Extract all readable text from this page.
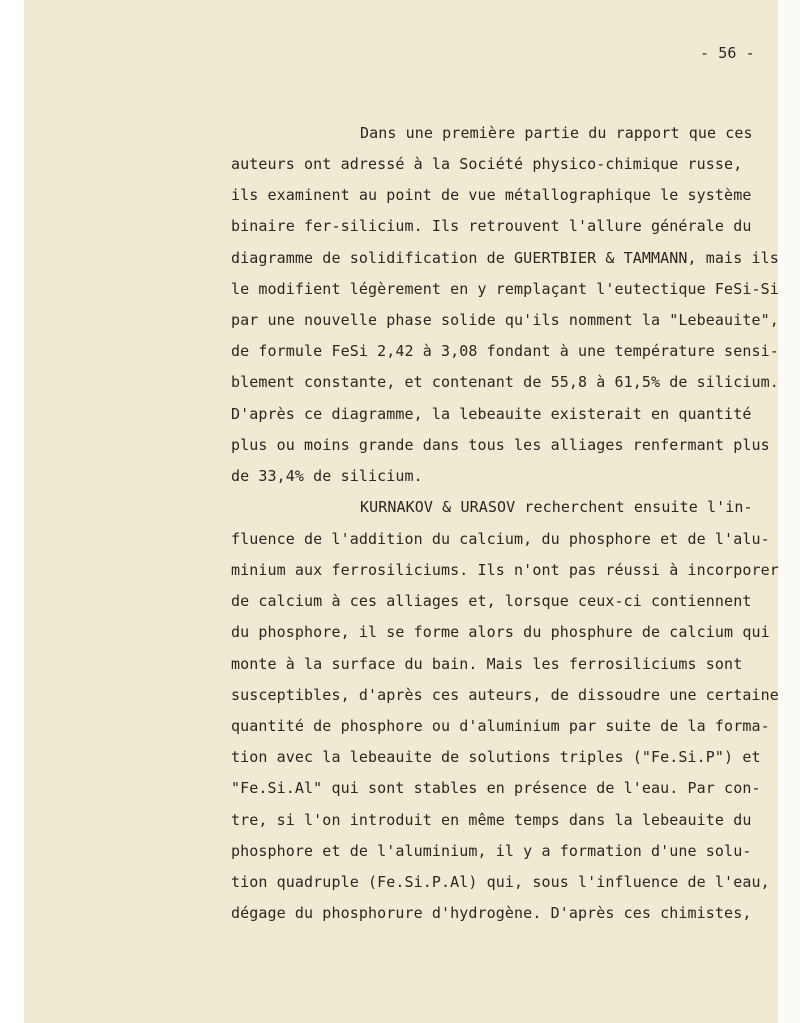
- 56 -
Dans une première partie du rapport que ces
auteurs ont adressé à la Société physico-chimique russe,
ils examinent au point de vue métallographique le système
binaire fer-silicium. Ils retrouvent l'allure générale du
diagramme de solidification de GUERTBIER & TAMMANN, mais ils
le modifient légèrement en y remplaçant l'eutectique FeSi-Si
par une nouvelle phase solide qu'ils nomment la "Lebeauite",
de formule FeSi 2,42 à 3,08 fondant à une température sensi-
blement constante, et contenant de 55,8 à 61,5% de silicium.
D'après ce diagramme, la lebeauite existerait en quantité
plus ou moins grande dans tous les alliages renfermant plus
de 33,4% de silicium.
KURNAKOV & URASOV recherchent ensuite l'in-
fluence de l'addition du calcium, du phosphore et de l'alu-
minium aux ferrosiliciums. Ils n'ont pas réussi à incorporer
de calcium à ces alliages et, lorsque ceux-ci contiennent
du phosphore, il se forme alors du phosphure de calcium qui
monte à la surface du bain. Mais les ferrosiliciums sont
susceptibles, d'après ces auteurs, de dissoudre une certaine
quantité de phosphore ou d'aluminium par suite de la forma-
tion avec la lebeauite de solutions triples ("Fe.Si.P") et
"Fe.Si.Al" qui sont stables en présence de l'eau. Par con-
tre, si l'on introduit en même temps dans la lebeauite du
phosphore et de l'aluminium, il y a formation d'une solu-
tion quadruple (Fe.Si.P.Al) qui, sous l'influence de l'eau,
dégage du phosphorure d'hydrogène. D'après ces chimistes,
